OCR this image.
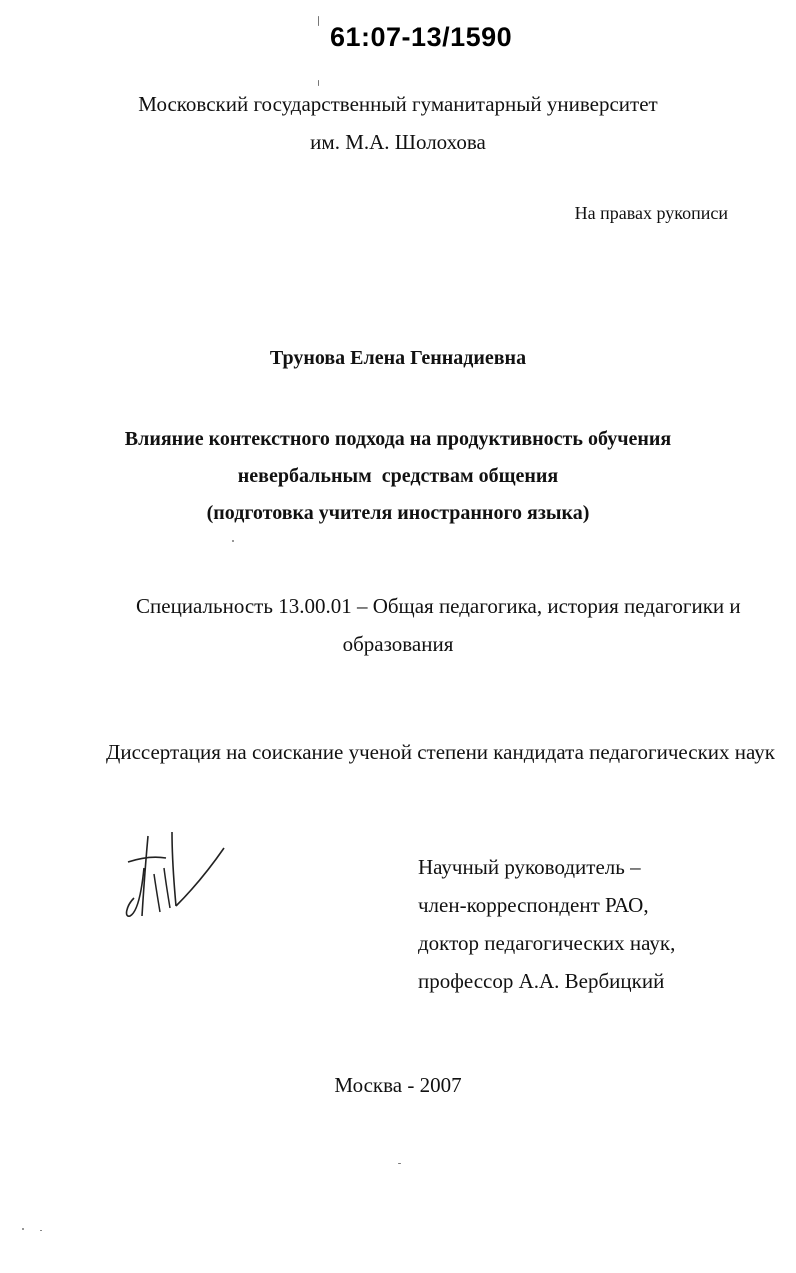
61:07-13/1590
Московский государственный гуманитарный университет
им. М.А. Шолохова
На правах рукописи
Трунова Елена Геннадиевна
Влияние контекстного подхода на продуктивность обучения
невербальным  средствам общения
(подготовка учителя иностранного языка)
Специальность 13.00.01 – Общая педагогика, история педагогики и
образования
Диссертация на соискание ученой степени кандидата педагогических наук
Научный руководитель –
член-корреспондент РАО,
доктор педагогических наук,
профессор А.А. Вербицкий
Москва - 2007
